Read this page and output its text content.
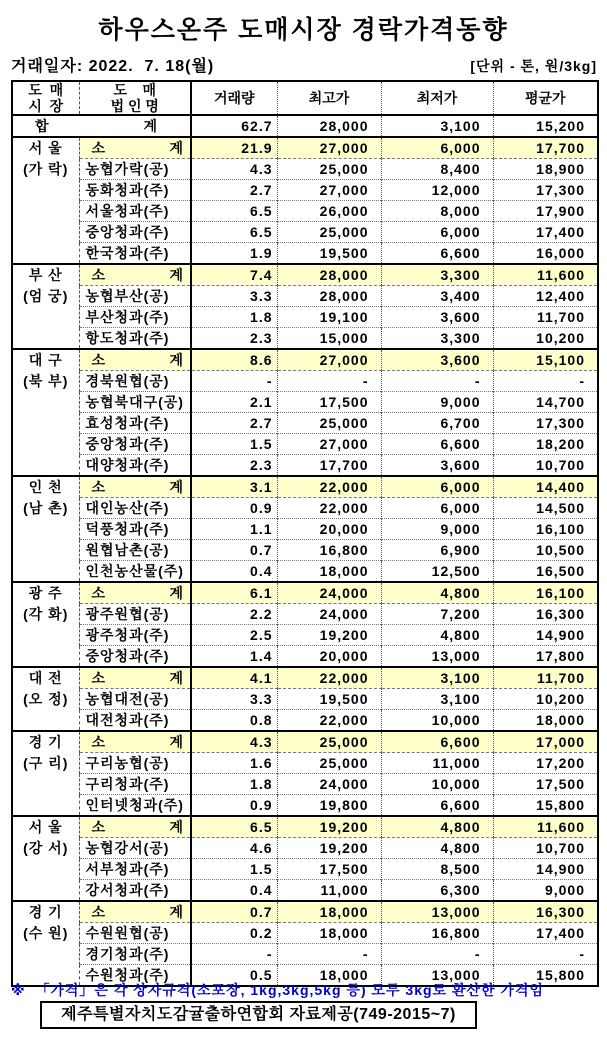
하우스온주 도매시장 경락가격동향
거래일자: 2022.  7. 18(월)	[단위 - 톤, 원/3kg]
도  매
시  장

도    매
법 인 명	거래량	최고가	최저가	평균가

합 계		62.7	28,000	3,100	15,200

서 울
(가 락)

소	계	21.9	27,000	6,000	17,700
	농협가락(공)	4.3	25,000	8,400	18,900
	동화청과(주)	2.7	27,000	12,000	17,300
	서울청과(주)	6.5	26,000	8,000	17,900
	중앙청과(주)	6.5	25,000	6,000	17,400
	한국청과(주)	1.9	19,500	6,600	16,000

부 산
(엄 궁)

소	계	7.4	28,000	3,300	11,600
	농협부산(공)	3.3	28,000	3,400	12,400
	부산청과(주)	1.8	19,100	3,600	11,700
	항도청과(주)	2.3	15,000	3,300	10,200

대 구
(북 부)

소	계	8.6	27,000	3,600	15,100
	경북원협(공)	-	-	-	-
	농협북대구(공)	2.1	17,500	9,000	14,700
	효성청과(주)	2.7	25,000	6,700	17,300
	중앙청과(주)	1.5	27,000	6,600	18,200
	대양청과(주)	2.3	17,700	3,600	10,700

인 천
(남 촌)

소	계	3.1	22,000	6,000	14,400
	대인농산(주)	0.9	22,000	6,000	14,500
	덕풍청과(주)	1.1	20,000	9,000	16,100
	원협남촌(공)	0.7	16,800	6,900	10,500
	인천농산물(주)	0.4	18,000	12,500	16,500

광 주
(각 화)

소	계	6.1	24,000	4,800	16,100
	광주원협(공)	2.2	24,000	7,200	16,300
	광주청과(주)	2.5	19,200	4,800	14,900
	중앙청과(주)	1.4	20,000	13,000	17,800

대 전
(오 정)

소	계	4.1	22,000	3,100	11,700
	농협대전(공)	3.3	19,500	3,100	10,200
	대전청과(주)	0.8	22,000	10,000	18,000

경 기
(구 리)

소	계	4.3	25,000	6,600	17,000
	구리농협(공)	1.6	25,000	11,000	17,200
	구리청과(주)	1.8	24,000	10,000	17,500
	인터넷청과(주)	0.9	19,800	6,600	15,800

서 울
(강 서)

소	계	6.5	19,200	4,800	11,600
	농협강서(공)	4.6	19,200	4,800	10,700
	서부청과(주)	1.5	17,500	8,500	14,900
	강서청과(주)	0.4	11,000	6,300	9,000

경 기
(수 원)

소	계	0.7	18,000	13,000	16,300
	수원원협(공)	0.2	18,000	16,800	17,400
	경기청과(주)	-	-	-	-
	수원청과(주)	0.5	18,000	13,000	15,800
※  「가격」은 각 상자규격(소포장, 1kg,3kg,5kg 등) 모두 3kg로 환산한 가격임
제주특별자치도감귤출하연합회 자료제공(749-2015~7)
